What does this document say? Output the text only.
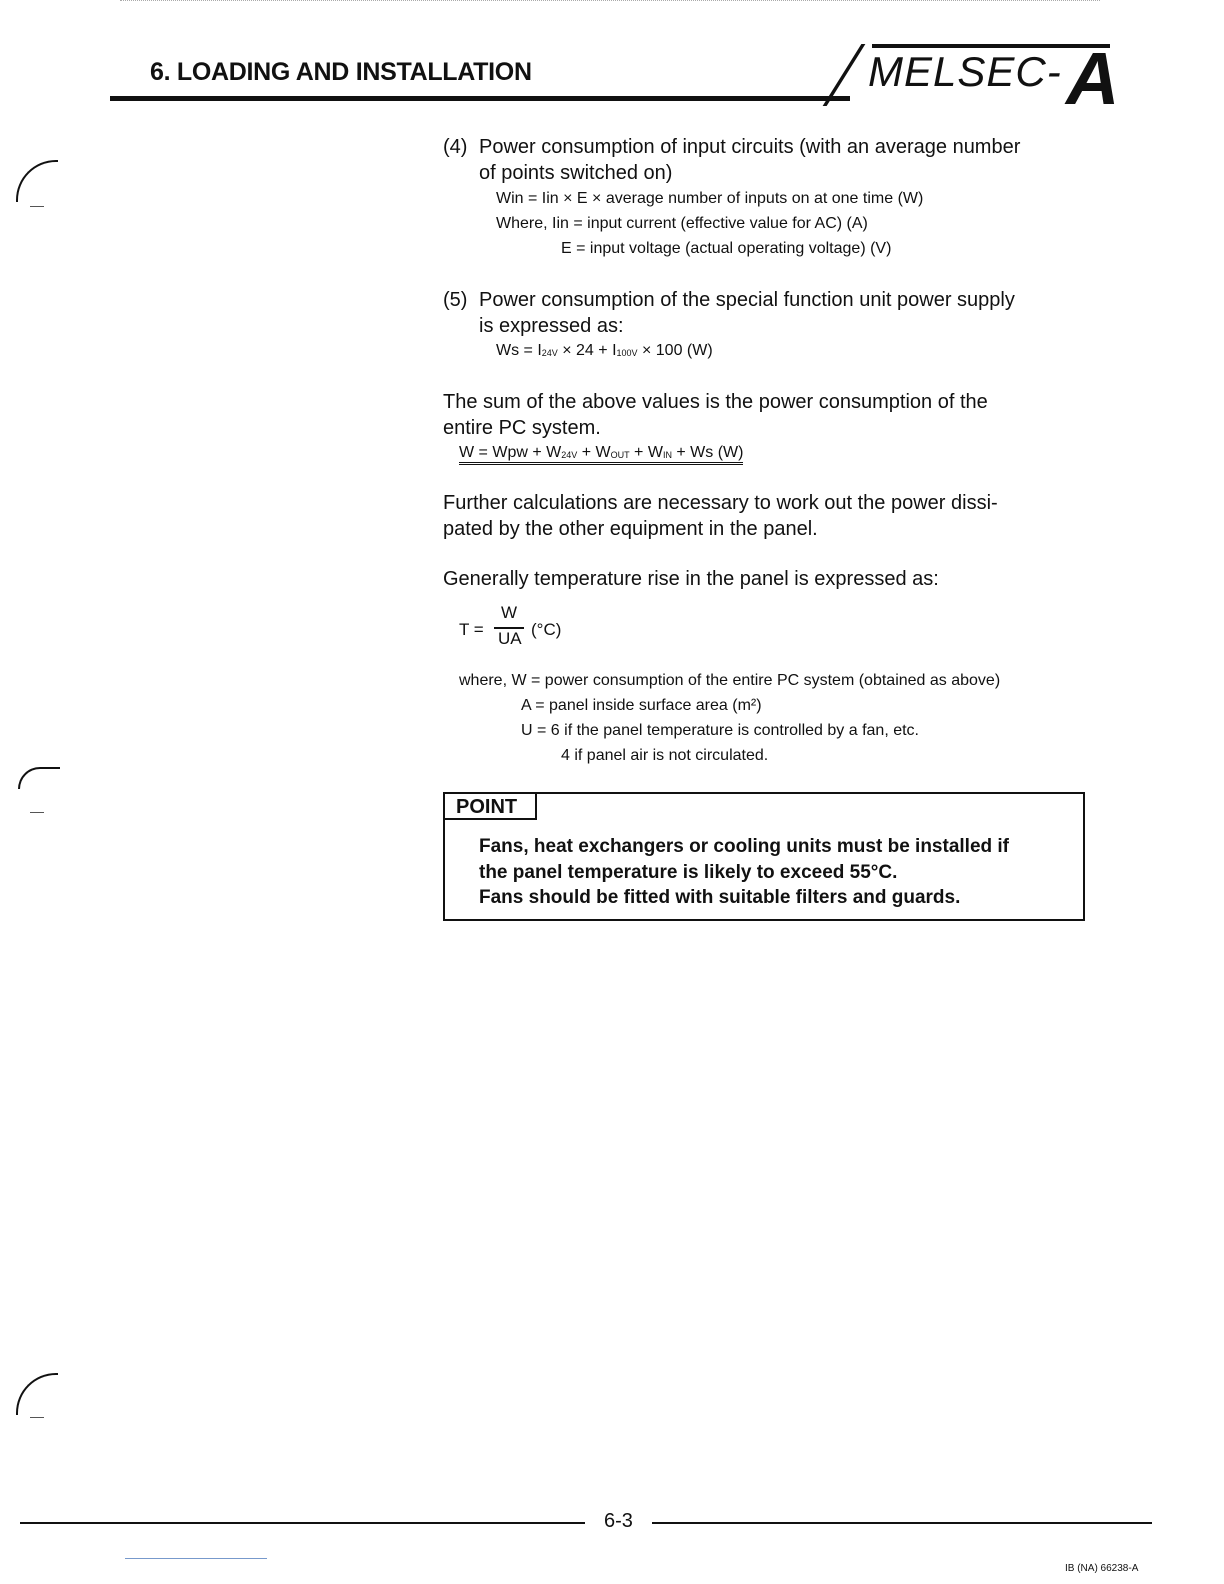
6. LOADING AND INSTALLATION	MELSEC- A
(4) Power consumption of input circuits (with an average number
of points switched on)
Win = Iin × E × average number of inputs on at one time (W)
Where, Iin = input current (effective value for AC) (A)
E = input voltage (actual operating voltage) (V)
(5) Power consumption of the special function unit power supply
is expressed as:
$Ws = I_{24V} \times 24 + I_{100V} \times 100$ (W)
The sum of the above values is the power consumption of the
entire PC system.
W = Wpw + $W_{24V} + W_{OUT} + W_{IN} + Ws$ (W)
Further calculations are necessary to work out the power dissi-
pated by the other equipment in the panel.
Generally temperature rise in the panel is expressed as:
T =
W
UA (°C)
where, W = power consumption of the entire PC system (obtained as above)
A = panel inside surface area (m²)
U = 6 if the panel temperature is controlled by a fan, etc.
4 if panel air is not circulated.
POINT
Fans, heat exchangers or cooling units must be installed if
the panel temperature is likely to exceed 55°C.
Fans should be fitted with suitable filters and guards.
6-3
IB (NA) 66238-A
